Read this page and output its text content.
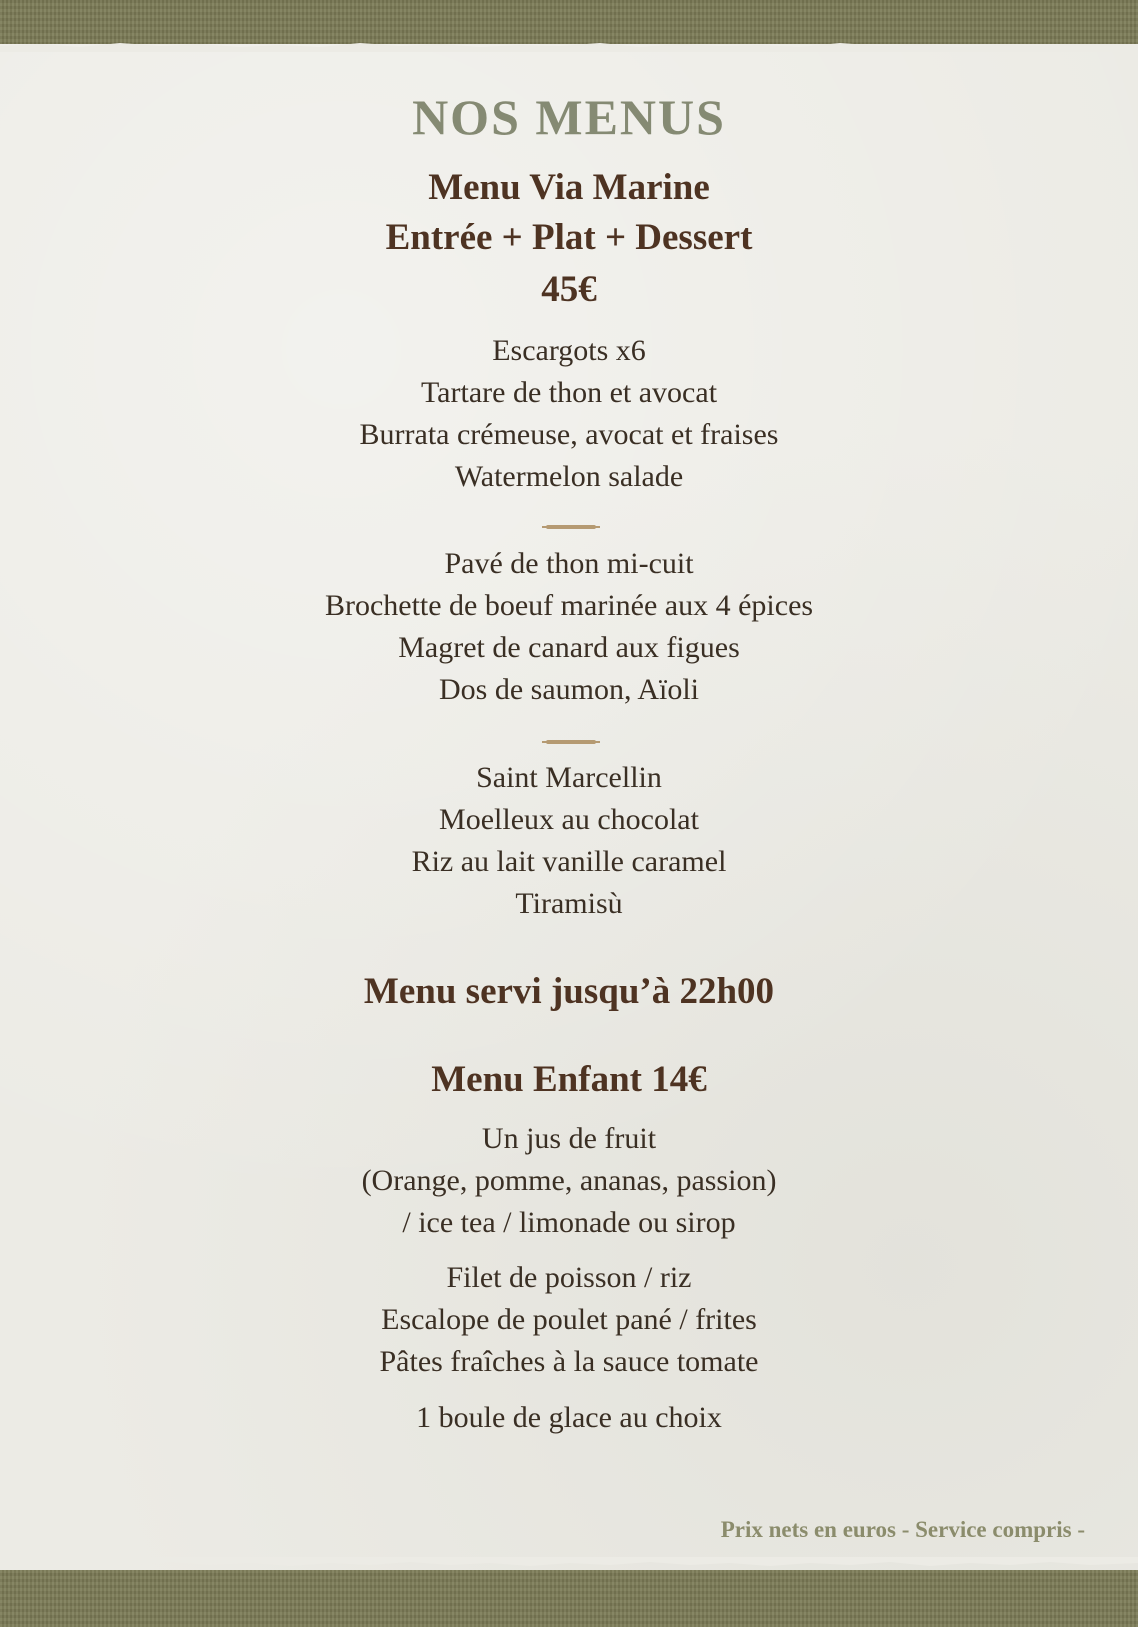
NOS MENUS
Menu Via Marine
Entrée + Plat + Dessert
45€
Escargots x6
Tartare de thon et avocat
Burrata crémeuse, avocat et fraises
Watermelon salade
Pavé de thon mi-cuit
Brochette de boeuf marinée aux 4 épices
Magret de canard aux figues
Dos de saumon, Aïoli
Saint Marcellin
Moelleux au chocolat
Riz au lait vanille caramel
Tiramisù
Menu servi jusqu’à 22h00
Menu Enfant 14€
Un jus de fruit
(Orange, pomme, ananas, passion)
/ ice tea / limonade ou sirop
Filet de poisson / riz
Escalope de poulet pané / frites
Pâtes fraîches à la sauce tomate
1 boule de glace au choix
Prix nets en euros - Service compris -
